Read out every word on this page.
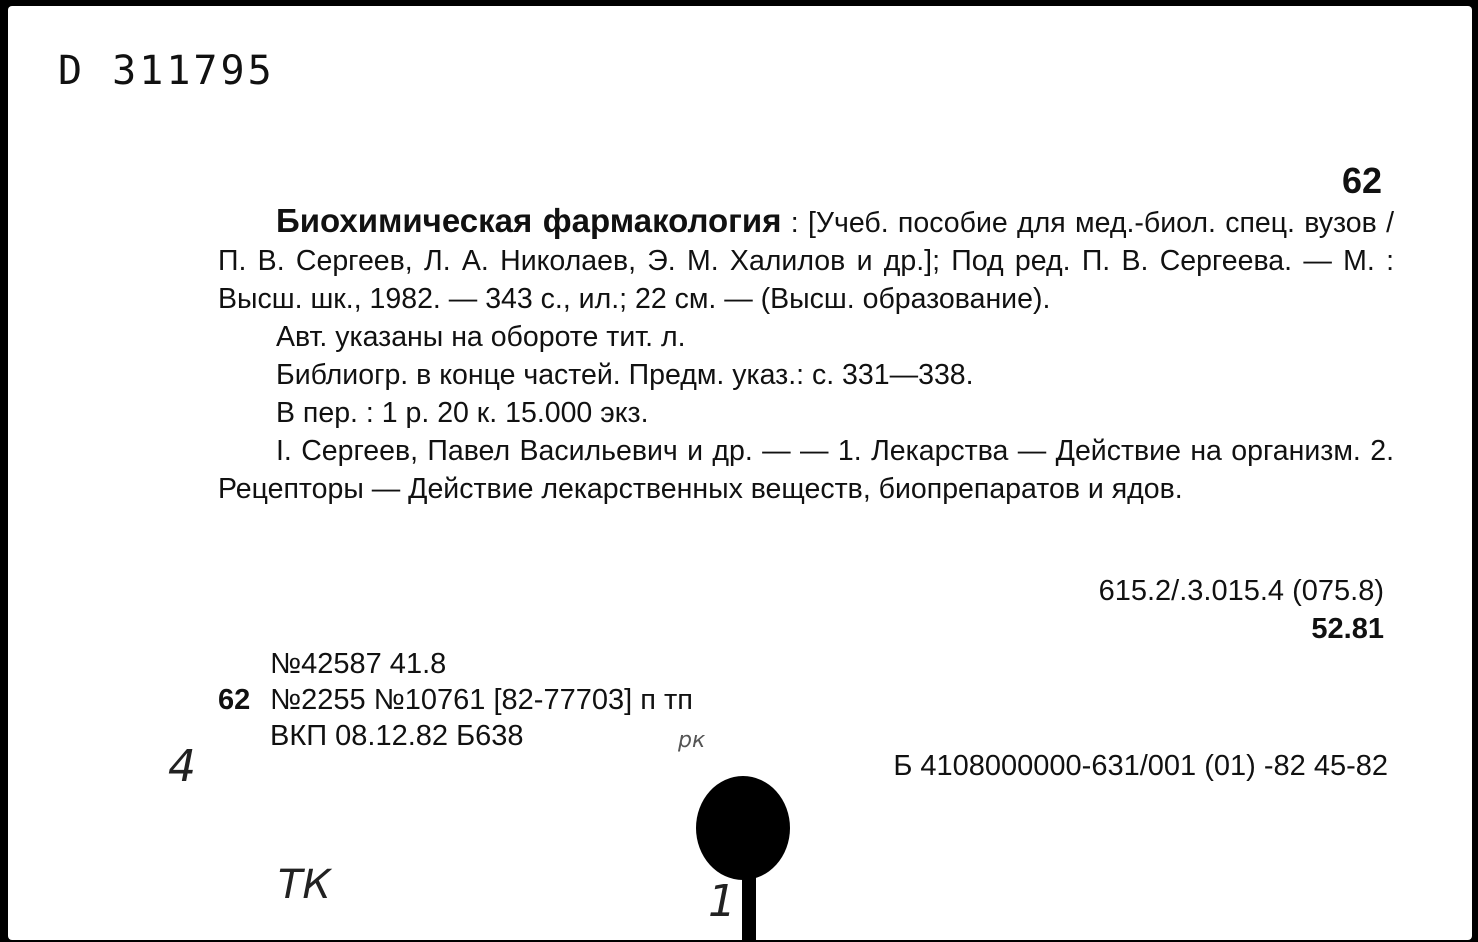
D 311795
62

Биохимическая фармакология : [Учеб. пособие для мед.-биол. спец. вузов / П. В. Сергеев, Л. А. Николаев, Э. М. Халилов и др.]; Под ред. П. В. Сергеева. — М. : Высш. шк., 1982. — 343 с., ил.; 22 см. — (Высш. образование).

Авт. указаны на обороте тит. л.

Библиогр. в конце частей. Предм. указ.: с. 331—338.

В пер. : 1 р. 20 к. 15.000 экз.

I. Сергеев, Павел Васильевич и др. — — 1. Лекарства — Действие на организм. 2. Рецепторы — Действие лекарственных веществ, биопрепаратов и ядов.

615.2/.3.015.4 (075.8)
52.81
№42587 41.8
62 №2255 №10761 [82-77703] п тп
ВКП 08.12.82 Б638
Б 4108000000-631/001 (01) -82 45-82
4
рк
ТК	1
